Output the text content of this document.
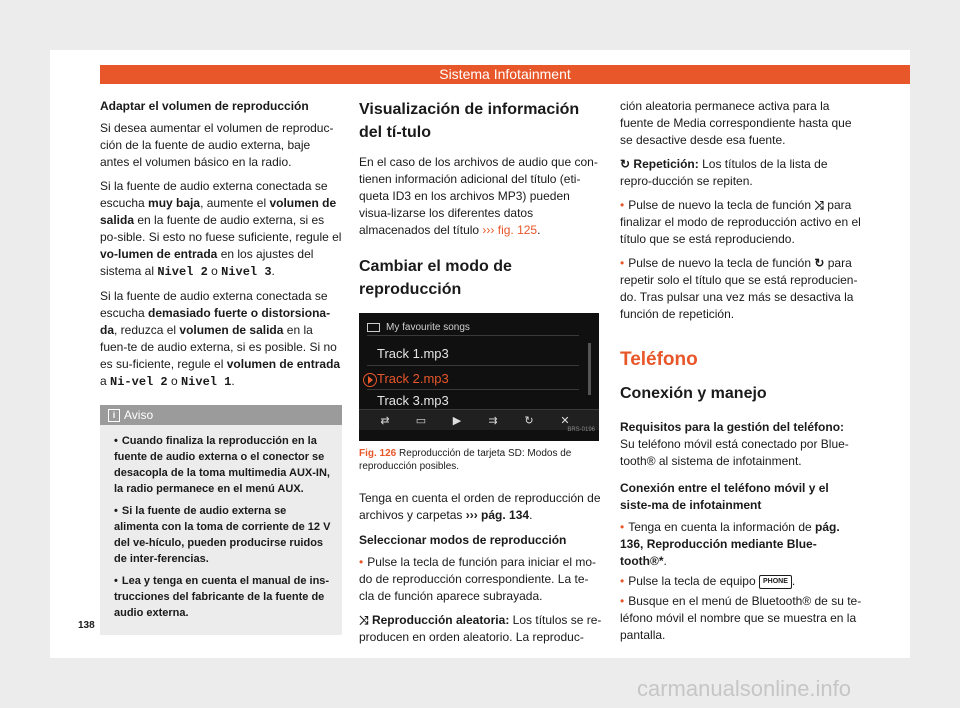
Sistema Infotainment
Adaptar el volumen de reproducción

Si desea aumentar el volumen de reproduc-ción de la fuente de audio externa, baje antes el volumen básico en la radio.

Si la fuente de audio externa conectada se escucha muy baja, aumente el volumen de salida en la fuente de audio externa, si es po-sible. Si esto no fuese suficiente, regule el vo-lumen de entrada en los ajustes del sistema al Nivel 2 o Nivel 3.

Si la fuente de audio externa conectada se escucha demasiado fuerte o distorsiona-da, reduzca el volumen de salida en la fuen-te de audio externa, si es posible. Si no es su-ficiente, regule el volumen de entrada a Ni-vel 2 o Nivel 1.

i Aviso

• Cuando finaliza la reproducción en la fuente de audio externa o el conector se desacopla de la toma multimedia AUX-IN, la radio permanece en el menú AUX.

• Si la fuente de audio externa se alimenta con la toma de corriente de 12 V del ve-hículo, pueden producirse ruidos de inter-ferencias.

• Lea y tenga en cuenta el manual de ins-trucciones del fabricante de la fuente de audio externa.

Visualización de información del tí-tulo

En el caso de los archivos de audio que con-tienen información adicional del título (eti-queta ID3 en los archivos MP3) pueden visua-lizarse los diferentes datos almacenados del título ››› fig. 125.

Cambiar el modo de reproducción
My favourite songs
Track 1.mp3
Track 2.mp3
Track 3.mp3
⇄	▭	▶	⇉	↻	✕
BRS-0196
Fig. 126 Reproducción de tarjeta SD: Modos de reproducción posibles.

Tenga en cuenta el orden de reproducción de archivos y carpetas ››› pág. 134.

Seleccionar modos de reproducción

• Pulse la tecla de función para iniciar el mo-do de reproducción correspondiente. La te-cla de función aparece subrayada.

⤨ Reproducción aleatoria: Los títulos se re-producen en orden aleatorio. La reproduc-

ción aleatoria permanece activa para la fuente de Media correspondiente hasta que se desactive desde esa fuente.

↻ Repetición: Los títulos de la lista de repro-ducción se repiten.

• Pulse de nuevo la tecla de función ⤨ para finalizar el modo de reproducción activo en el título que se está reproduciendo.

• Pulse de nuevo la tecla de función ↻ para repetir solo el título que se está reproducien-do. Tras pulsar una vez más se desactiva la función de repetición.

Teléfono
Conexión y manejo

Requisitos para la gestión del teléfono: Su teléfono móvil está conectado por Blue-tooth® al sistema de infotainment.

Conexión entre el teléfono móvil y el siste-ma de infotainment

• Tenga en cuenta la información de pág. 136, Reproducción mediante Blue-tooth®*.

• Pulse la tecla de equipo PHONE .

• Busque en el menú de Bluetooth® de su te-léfono móvil el nombre que se muestra en la pantalla.

138
carmanualsonline.info
